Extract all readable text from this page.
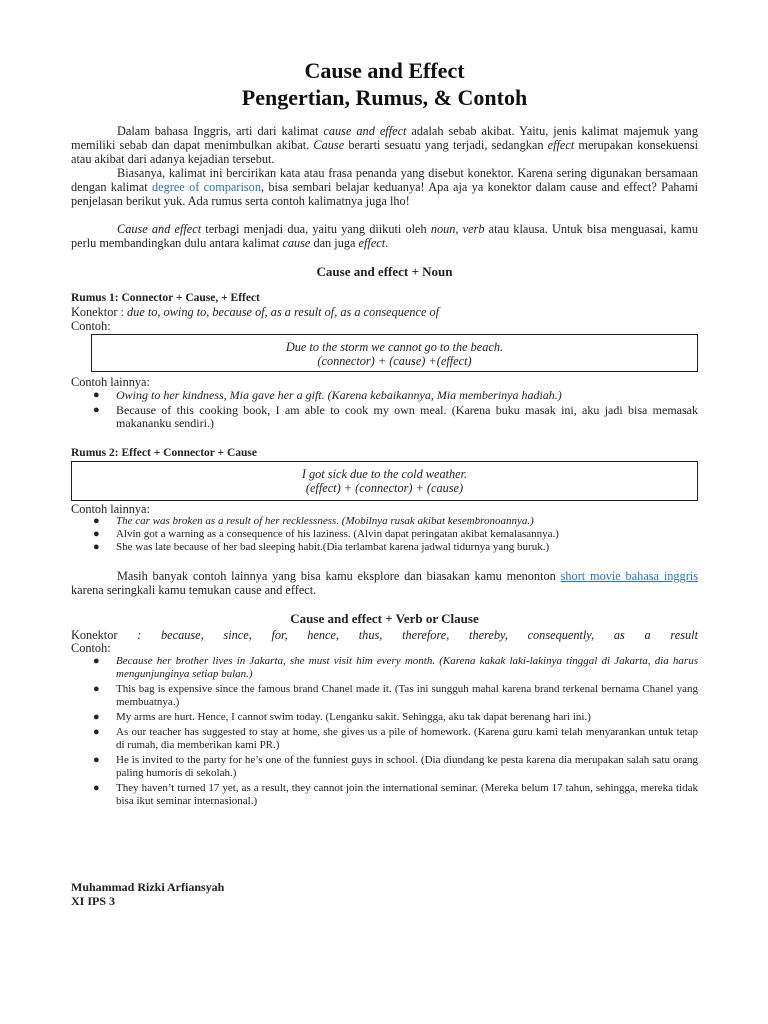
Cause and Effect
Pengertian, Rumus, & Contoh
Dalam bahasa Inggris, arti dari kalimat cause and effect adalah sebab akibat. Yaitu, jenis kalimat majemuk yang memiliki sebab dan dapat menimbulkan akibat. Cause berarti sesuatu yang terjadi, sedangkan effect merupakan konsekuensi atau akibat dari adanya kejadian tersebut.
Biasanya, kalimat ini bercirikan kata atau frasa penanda yang disebut konektor. Karena sering digunakan bersamaan dengan kalimat degree of comparison, bisa sembari belajar keduanya! Apa aja ya konektor dalam cause and effect? Pahami penjelasan berikut yuk. Ada rumus serta contoh kalimatnya juga lho!
Cause and effect terbagi menjadi dua, yaitu yang diikuti oleh noun, verb atau klausa. Untuk bisa menguasai, kamu perlu membandingkan dulu antara kalimat cause dan juga effect.
Cause and effect + Noun
Rumus 1: Connector + Cause, + Effect
Konektor : due to, owing to, because of, as a result of, as a consequence of
Contoh:
Due to the storm we cannot go to the beach.
(connector) + (cause) +(effect)
Contoh lainnya:
● Owing to her kindness, Mia gave her a gift. (Karena kebaikannya, Mia memberinya hadiah.)
● Because of this cooking book, I am able to cook my own meal. (Karena buku masak ini, aku jadi bisa memasak makananku sendiri.)
Rumus 2: Effect + Connector + Cause
I got sick due to the cold weather.
(effect) + (connector) + (cause)
Contoh lainnya:
● The car was broken as a result of her recklessness. (Mobilnya rusak akibat kesembronoannya.)
● Alvin got a warning as a consequence of his laziness. (Alvin dapat peringatan akibat kemalasannya.)
● She was late because of her bad sleeping habit.(Dia terlambat karena jadwal tidurnya yang buruk.)
Masih banyak contoh lainnya yang bisa kamu eksplore dan biasakan kamu menonton short movie bahasa inggris karena seringkali kamu temukan cause and effect.
Cause and effect + Verb or Clause
Konektor : because, since, for, hence, thus, therefore, thereby, consequently, as a result
Contoh:
● Because her brother lives in Jakarta, she must visit him every month. (Karena kakak laki-lakinya tinggal di Jakarta, dia harus mengunjunginya setiap bulan.)
● This bag is expensive since the famous brand Chanel made it. (Tas ini sungguh mahal karena brand terkenal bernama Chanel yang membuatnya.)
● My arms are hurt. Hence, I cannot swim today. (Lenganku sakit. Sehingga, aku tak dapat berenang hari ini.)
● As our teacher has suggested to stay at home, she gives us a pile of homework. (Karena guru kami telah menyarankan untuk tetap di rumah, dia memberikan kami PR.)
● He is invited to the party for he’s one of the funniest guys in school. (Dia diundang ke pesta karena dia merupakan salah satu orang paling humoris di sekolah.)
● They haven’t turned 17 yet, as a result, they cannot join the international seminar. (Mereka belum 17 tahun, sehingga, mereka tidak bisa ikut seminar internasional.)
Muhammad Rizki Arfiansyah
XI IPS 3
